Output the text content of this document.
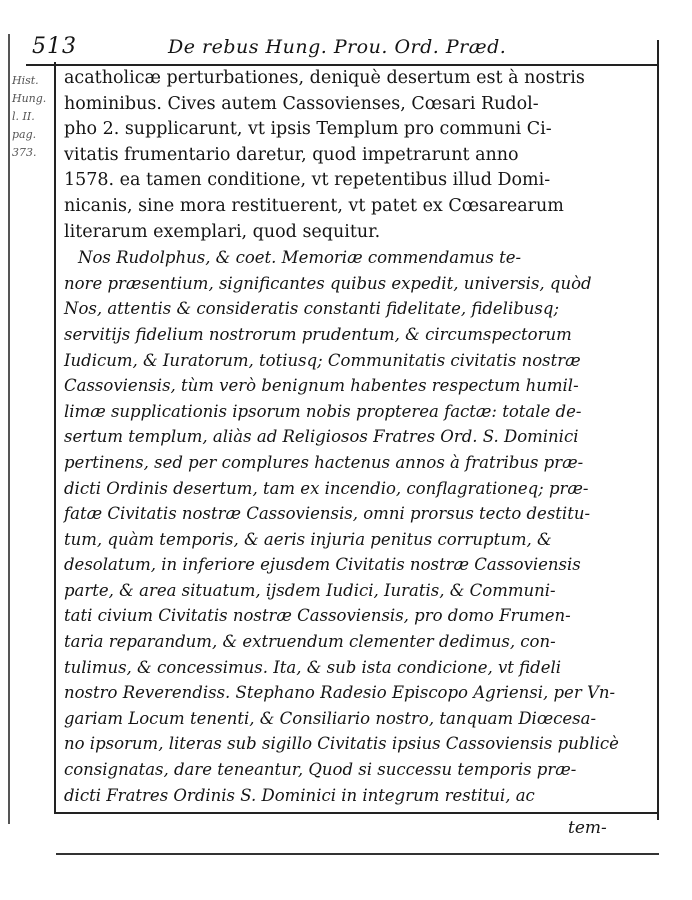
513	De rebus Hung. Prou. Ord. Præd.
Hist.
Hung.
l. II.
pag.
373.
acatholicæ perturbationes, deniquè desertum est à nostris
hominibus. Cives autem Cassovienses, Cœsari Rudol-
pho 2. supplicarunt, vt ipsis Templum pro communi Ci-
vitatis frumentario daretur, quod impetrarunt anno
1578. ea tamen conditione, vt repetentibus illud Domi-
nicanis, sine mora restituerent, vt patet ex Cœsarearum
literarum exemplari, quod sequitur.
Nos Rudolphus, & coet. Memoriæ commendamus te-
nore præsentium, significantes quibus expedit, universis, quòd
Nos, attentis & consideratis constanti fidelitate, fidelibusq;
servitijs fidelium nostrorum prudentum, & circumspectorum
Iudicum, & Iuratorum, totiusq; Communitatis civitatis nostræ
Cassoviensis, tùm verò benignum habentes respectum humil-
limæ supplicationis ipsorum nobis propterea factæ: totale de-
sertum templum, aliàs ad Religiosos Fratres Ord. S. Dominici
pertinens, sed per complures hactenus annos à fratribus præ-
dicti Ordinis desertum, tam ex incendio, conflagrationeq; præ-
fatæ Civitatis nostræ Cassoviensis, omni prorsus tecto destitu-
tum, quàm temporis, & aeris injuria penitus corruptum, &
desolatum, in inferiore ejusdem Civitatis nostræ Cassoviensis
parte, & area situatum, ijsdem Iudici, Iuratis, & Communi-
tati civium Civitatis nostræ Cassoviensis, pro domo Frumen-
taria reparandum, & extruendum clementer dedimus, con-
tulimus, & concessimus. Ita, & sub ista condicione, vt fideli
nostro Reverendiss. Stephano Radesio Episcopo Agriensi, per Vn-
gariam Locum tenenti, & Consiliario nostro, tanquam Diœcesa-
no ipsorum, literas sub sigillo Civitatis ipsius Cassoviensis publicè
consignatas, dare teneantur, Quod si successu temporis præ-
dicti Fratres Ordinis S. Dominici in integrum restitui, ac
tem-
